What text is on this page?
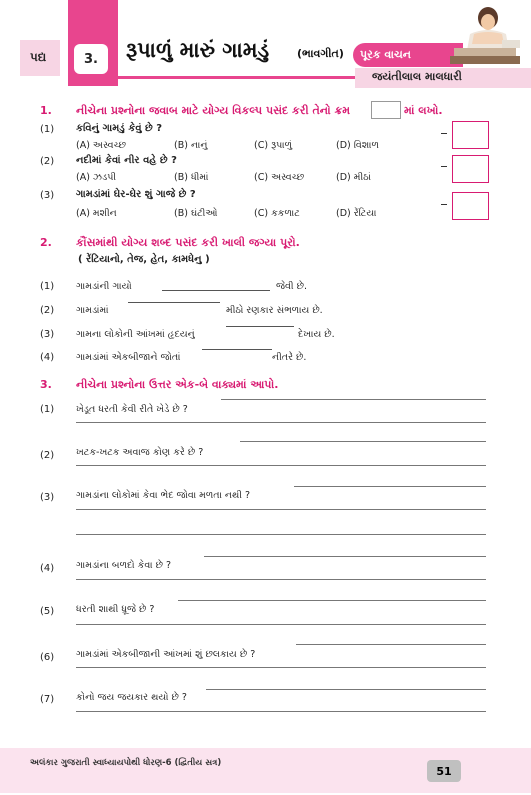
પદ્ય	3.	રૂપાળું મારું ગામડું	(ભાવગીત) પૂરક વાચન
જયંતીલાલ માલધારી
1. નીચેના પ્રશ્નોના જવાબ માટે યોગ્ય વિકલ્પ પસંદ કરી તેનો ક્રમ	માં લખો.
(1) કવિનું ગામડું કેવું છે ?
(A) અસ્વચ્છ	(B) નાનું	(C) રૂપાળું	(D) વિશાળ
(2) નદીમાં કેવાં નીર વહે છે ?
(A) ઝડપી	(B) ધીમાં	(C) અસ્વચ્છ	(D) મીઠાં
(3) ગામડાંમાં ઘેર-ઘેર શું ગાજે છે ?
(A) મશીન	(B) ઘંટીઓ	(C) કકળાટ	(D) રેંટિયા
2. કૌંસમાંથી યોગ્ય શબ્દ પસંદ કરી ખાલી જગ્યા પૂરો.
( રેંટિયાનો, તેજ, હેત, કામધેનુ )
(1) ગામડાંની ગાયો	જેવી છે.
(2) ગામડાંમાં	મીઠો રણકાર સંભળાય છે.
(3) ગામના લોકોની આંખમાં હૃદયનું	દેખાય છે.
(4) ગામડાંમાં એકબીજાને જોતાં	નીતરે છે.
3. નીચેના પ્રશ્નોના ઉત્તર એક-બે વાક્યમાં આપો.
(1) ખેડૂત ધરતી કેવી રીતે ખેડે છે ?
(2) ખટક-ખટક અવાજ કોણ કરે છે ?
(3) ગામડાંના લોકોમાં કેવા ભેદ જોવા મળતા નથી ?
(4) ગામડાંના બળદો કેવા છે ?
(5) ધરતી શાથી ધ્રૂજે છે ?
(6) ગામડાંમાં એકબીજાની આંખમાં શું છલકાય છે ?
(7) કોનો જય જયકાર થયો છે ?
અલંકાર ગુજરાતી સ્વાધ્યાયપોથી ધોરણ-6 (દ્વિતીય સત્ર)
51
